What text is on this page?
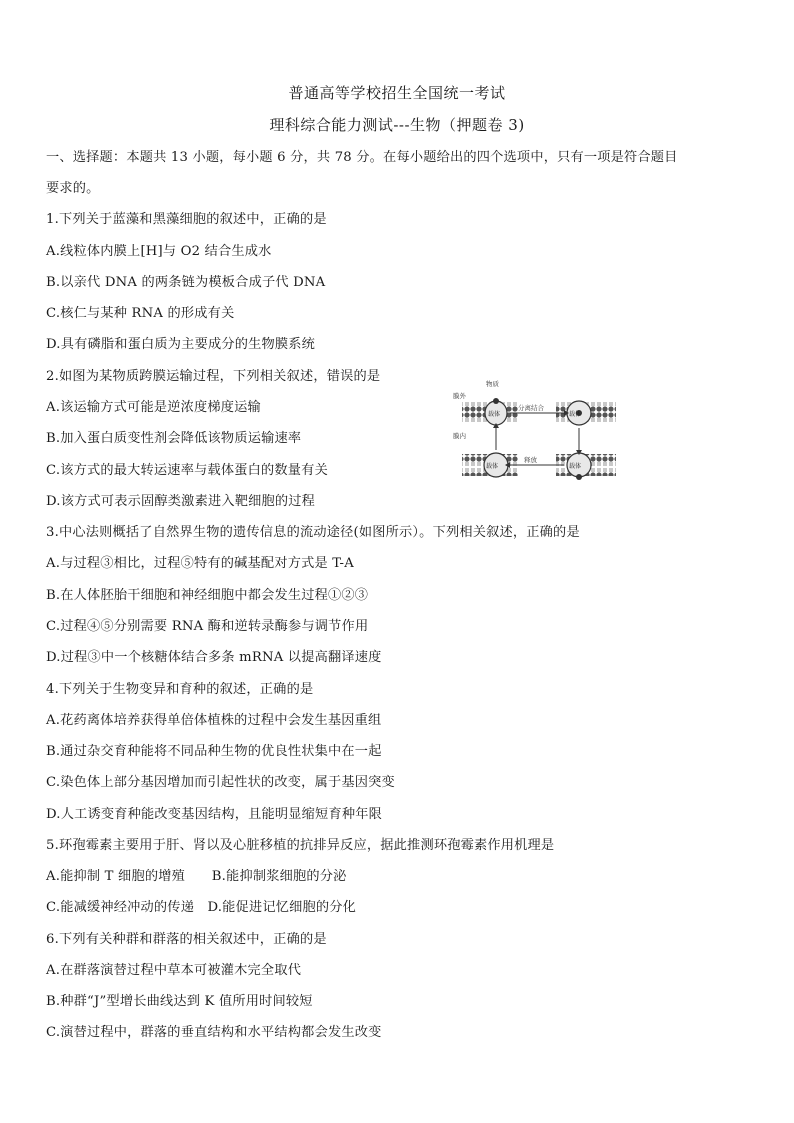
普通高等学校招生全国统一考试
理科综合能力测试---生物（押题卷 3)
一、选择题：本题共 13 小题，每小题 6 分，共 78 分。在每小题给出的四个选项中，只有一项是符合题目
要求的。
1.下列关于蓝藻和黑藻细胞的叙述中，正确的是
A.线粒体内膜上[H]与 O2 结合生成水
B.以亲代 DNA 的两条链为模板合成子代 DNA
C.核仁与某种 RNA 的形成有关
D.具有磷脂和蛋白质为主要成分的生物膜系统
2.如图为某物质跨膜运输过程，下列相关叙述，错误的是
A.该运输方式可能是逆浓度梯度运输
B.加入蛋白质变性剂会降低该物质运输速率
C.该方式的最大转运速率与载体蛋白的数量有关
D.该方式可表示固醇类激素进入靶细胞的过程
物质
膜外
膜内
分离结合
释放
载体
载体
载体
载体
3.中心法则概括了自然界生物的遗传信息的流动途径(如图所示）。下列相关叙述，正确的是
A.与过程③相比，过程⑤特有的碱基配对方式是 T-A
B.在人体胚胎干细胞和神经细胞中都会发生过程①②③
C.过程④⑤分别需要 RNA 酶和逆转录酶参与调节作用
D.过程③中一个核糖体结合多条 mRNA 以提高翻译速度
4.下列关于生物变异和育种的叙述，正确的是
A.花药离体培养获得单倍体植株的过程中会发生基因重组
B.通过杂交育种能将不同品种生物的优良性状集中在一起
C.染色体上部分基因增加而引起性状的改变，属于基因突变
D.人工诱变育种能改变基因结构，且能明显缩短育种年限
5.环孢霉素主要用于肝、肾以及心脏移植的抗排异反应，据此推测环孢霉素作用机理是
A.能抑制 T 细胞的增殖　　B.能抑制浆细胞的分泌
C.能减缓神经冲动的传递　D.能促进记忆细胞的分化
6.下列有关种群和群落的相关叙述中，正确的是
A.在群落演替过程中草本可被灌木完全取代
B.种群“J”型增长曲线达到 K 值所用时间较短
C.演替过程中，群落的垂直结构和水平结构都会发生改变
